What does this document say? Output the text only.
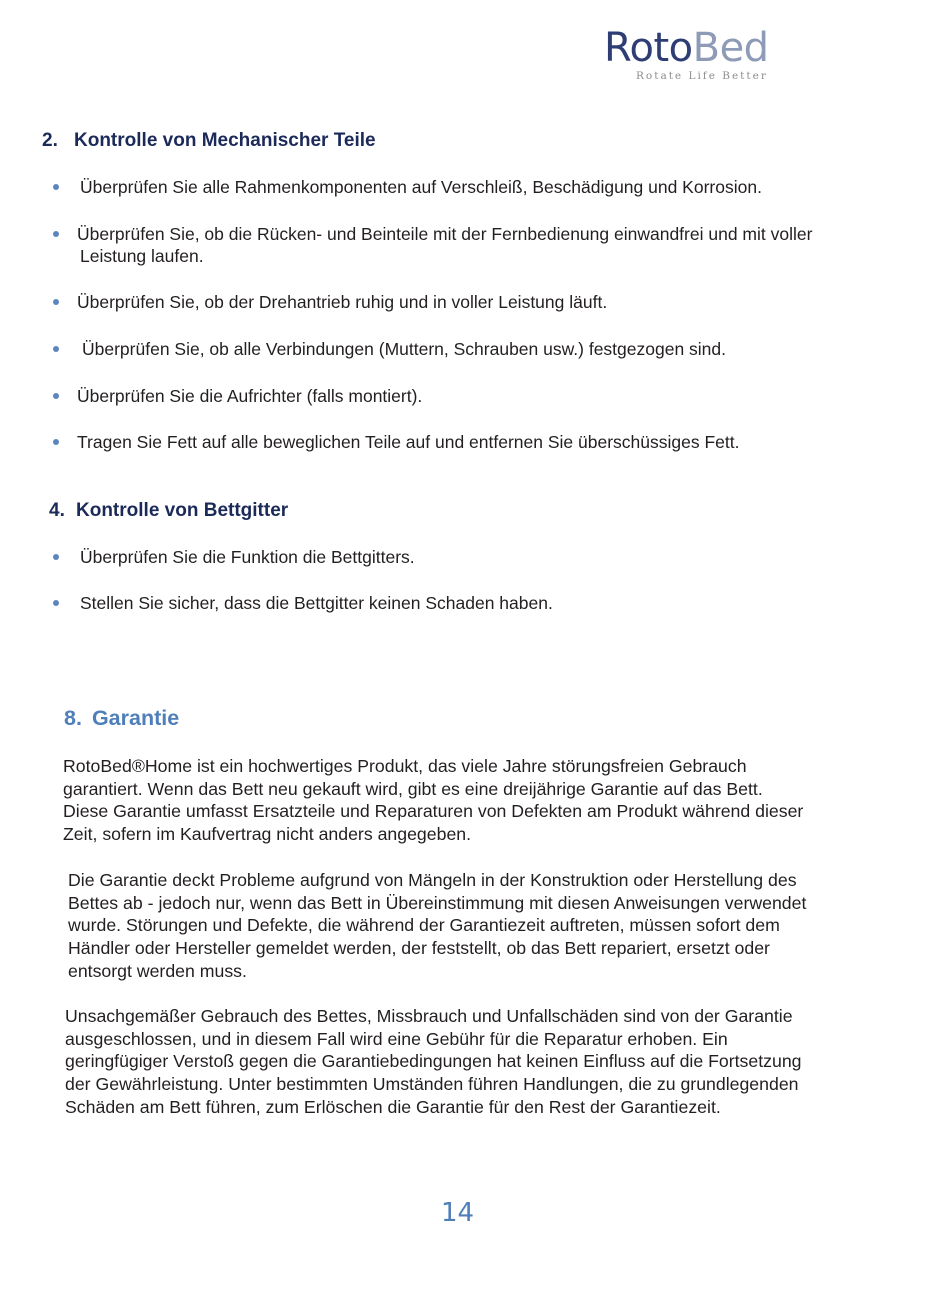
RotoBed
Rotate Life Better
2. Kontrolle von Mechanischer Teile
Überprüfen Sie alle Rahmenkomponenten auf Verschleiß, Beschädigung und Korrosion.
Überprüfen Sie, ob die Rücken- und Beinteile mit der Fernbedienung einwandfrei und mit voller
Leistung laufen.
Überprüfen Sie, ob der Drehantrieb ruhig und in voller Leistung läuft.
Überprüfen Sie, ob alle Verbindungen (Muttern, Schrauben usw.) festgezogen sind.
Überprüfen Sie die Aufrichter (falls montiert).
Tragen Sie Fett auf alle beweglichen Teile auf und entfernen Sie überschüssiges Fett.
4. Kontrolle von Bettgitter
Überprüfen Sie die Funktion die Bettgitters.
Stellen Sie sicher, dass die Bettgitter keinen Schaden haben.
8. Garantie
RotoBed®Home ist ein hochwertiges Produkt, das viele Jahre störungsfreien Gebrauch
garantiert. Wenn das Bett neu gekauft wird, gibt es eine dreijährige Garantie auf das Bett.
Diese Garantie umfasst Ersatzteile und Reparaturen von Defekten am Produkt während dieser
Zeit, sofern im Kaufvertrag nicht anders angegeben.
Die Garantie deckt Probleme aufgrund von Mängeln in der Konstruktion oder Herstellung des
Bettes ab - jedoch nur, wenn das Bett in Übereinstimmung mit diesen Anweisungen verwendet
wurde. Störungen und Defekte, die während der Garantiezeit auftreten, müssen sofort dem
Händler oder Hersteller gemeldet werden, der feststellt, ob das Bett repariert, ersetzt oder
entsorgt werden muss.
Unsachgemäßer Gebrauch des Bettes, Missbrauch und Unfallschäden sind von der Garantie
ausgeschlossen, und in diesem Fall wird eine Gebühr für die Reparatur erhoben. Ein
geringfügiger Verstoß gegen die Garantiebedingungen hat keinen Einfluss auf die Fortsetzung
der Gewährleistung. Unter bestimmten Umständen führen Handlungen, die zu grundlegenden
Schäden am Bett führen, zum Erlöschen die Garantie für den Rest der Garantiezeit.
14
